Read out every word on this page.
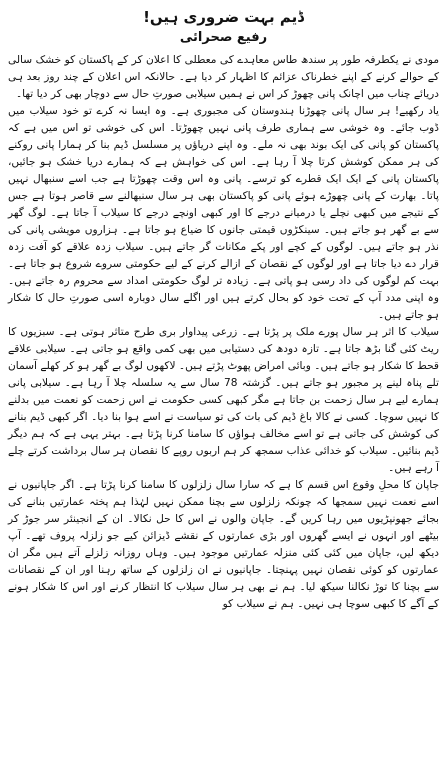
ڈیم بہت ضروری ہیں!
رفیع صحرائی

مودی نے یکطرفہ طور پر سندھ طاس معاہدے کی معطلی کا اعلان کر کے پاکستان کو خشک سالی کے حوالے کرنے کے اپنے خطرناک عزائم کا اظہار کر دیا ہے۔ حالانکہ اس اعلان کے چند روز بعد ہی دریائے چناب میں اچانک پانی چھوڑ کر اس نے ہمیں سیلابی صورتِ حال سے دوچار بھی کر دیا تھا۔

یاد رکھیے! ہر سال پانی چھوڑنا ہندوستان کی مجبوری ہے۔ وہ ایسا نہ کرے تو خود سیلاب میں ڈوب جائے۔ وہ خوشی سے ہماری طرف پانی نہیں چھوڑتا۔ اس کی خوشی تو اس میں ہے کہ پاکستان کو پانی کی ایک بوند بھی نہ ملے۔ وہ اپنے دریاؤں پر مسلسل ڈیم بنا کر ہمارا پانی روکنے کی ہر ممکن کوشش کرتا چلا آ رہا ہے۔ اس کی خواہش ہے کہ ہمارے دریا خشک ہو جائیں، پاکستان پانی کے ایک ایک قطرے کو ترسے۔ پانی وہ اس وقت چھوڑتا ہے جب اسے سنبھال نہیں پاتا۔ بھارت کے پانی چھوڑے ہوئے پانی کو پاکستان بھی ہر سال سنبھالنے سے قاصر ہوتا ہے جس کے نتیجے میں کبھی نچلے یا درمیانے درجے کا اور کبھی اونچے درجے کا سیلاب آ جاتا ہے۔ لوگ گھر سے بے گھر ہو جاتے ہیں۔ سینکڑوں قیمتی جانوں کا ضیاع ہو جاتا ہے۔ ہزاروں مویشی پانی کی نذر ہو جاتے ہیں۔ لوگوں کے کچے اور پکے مکانات گر جاتے ہیں۔ سیلاب زدہ علاقے کو آفت زدہ قرار دے دیا جاتا ہے اور لوگوں کے نقصان کے ازالے کرنے کے لیے حکومتی سروے شروع ہو جاتا ہے۔ بہت کم لوگوں کی داد رسی ہو پاتی ہے۔ زیادہ تر لوگ حکومتی امداد سے محروم رہ جاتے ہیں۔ وہ اپنی مدد آپ کے تحت خود کو بحال کرتے ہیں اور اگلے سال دوبارہ اسی صورتِ حال کا شکار ہو جاتے ہیں۔

سیلاب کا اثر ہر سال پورے ملک پر پڑتا ہے۔ زرعی پیداوار بری طرح متاثر ہوتی ہے۔ سبزیوں کا ریٹ کئی گنا بڑھ جاتا ہے۔ تازہ دودھ کی دستیابی میں بھی کمی واقع ہو جاتی ہے۔ سیلابی علاقے قحط کا شکار ہو جاتے ہیں۔ وبائی امراض پھوٹ پڑتے ہیں۔ لاکھوں لوگ بے گھر ہو کر کھلے آسمان تلے پناہ لینے پر مجبور ہو جاتے ہیں۔ گزشتہ 78 سال سے یہ سلسلہ چلا آ رہا ہے۔ سیلابی پانی ہمارے لیے ہر سال زحمت بن جاتا ہے مگر کبھی کسی حکومت نے اس زحمت کو نعمت میں بدلنے کا نہیں سوچا۔ کسی نے کالا باغ ڈیم کی بات کی تو سیاست نے اسے ہوا بنا دیا۔ اگر کبھی ڈیم بنانے کی کوشش کی جاتی ہے تو اسے مخالف ہواؤں کا سامنا کرنا پڑتا ہے۔ بہتر یہی ہے کہ ہم دیگر ڈیم بنائیں۔ سیلاب کو خدائی عذاب سمجھ کر ہم اربوں روپے کا نقصان ہر سال برداشت کرتے چلے آ رہے ہیں۔

جاپان کا محلِ وقوع اس قسم کا ہے کہ سارا سال زلزلوں کا سامنا کرنا پڑتا ہے۔ اگر جاپانیوں نے اسے نعمت نہیں سمجھا کہ چونکہ زلزلوں سے بچنا ممکن نہیں لہٰذا ہم پختہ عمارتیں بنانے کی بجائے جھونپڑیوں میں رہا کریں گے۔ جاپان والوں نے اس کا حل نکالا۔ ان کے انجینئر سر جوڑ کر بیٹھے اور انہوں نے ایسے گھروں اور بڑی عمارتوں کے نقشے ڈیزائن کیے جو زلزلہ پروف تھے۔ آپ دیکھ لیں، جاپان میں کئی کئی منزلہ عمارتیں موجود ہیں۔ وہاں روزانہ زلزلے آتے ہیں مگر ان عمارتوں کو کوئی نقصان نہیں پہنچتا۔ جاپانیوں نے ان زلزلوں کے ساتھ رہنا اور ان کے نقصانات سے بچنا کا توڑ نکالنا سیکھ لیا۔ ہم نے بھی ہر سال سیلاب کا انتظار کرنے اور اس کا شکار ہونے کے آگے کا کبھی سوچا ہی نہیں۔ ہم نے سیلاب کو
